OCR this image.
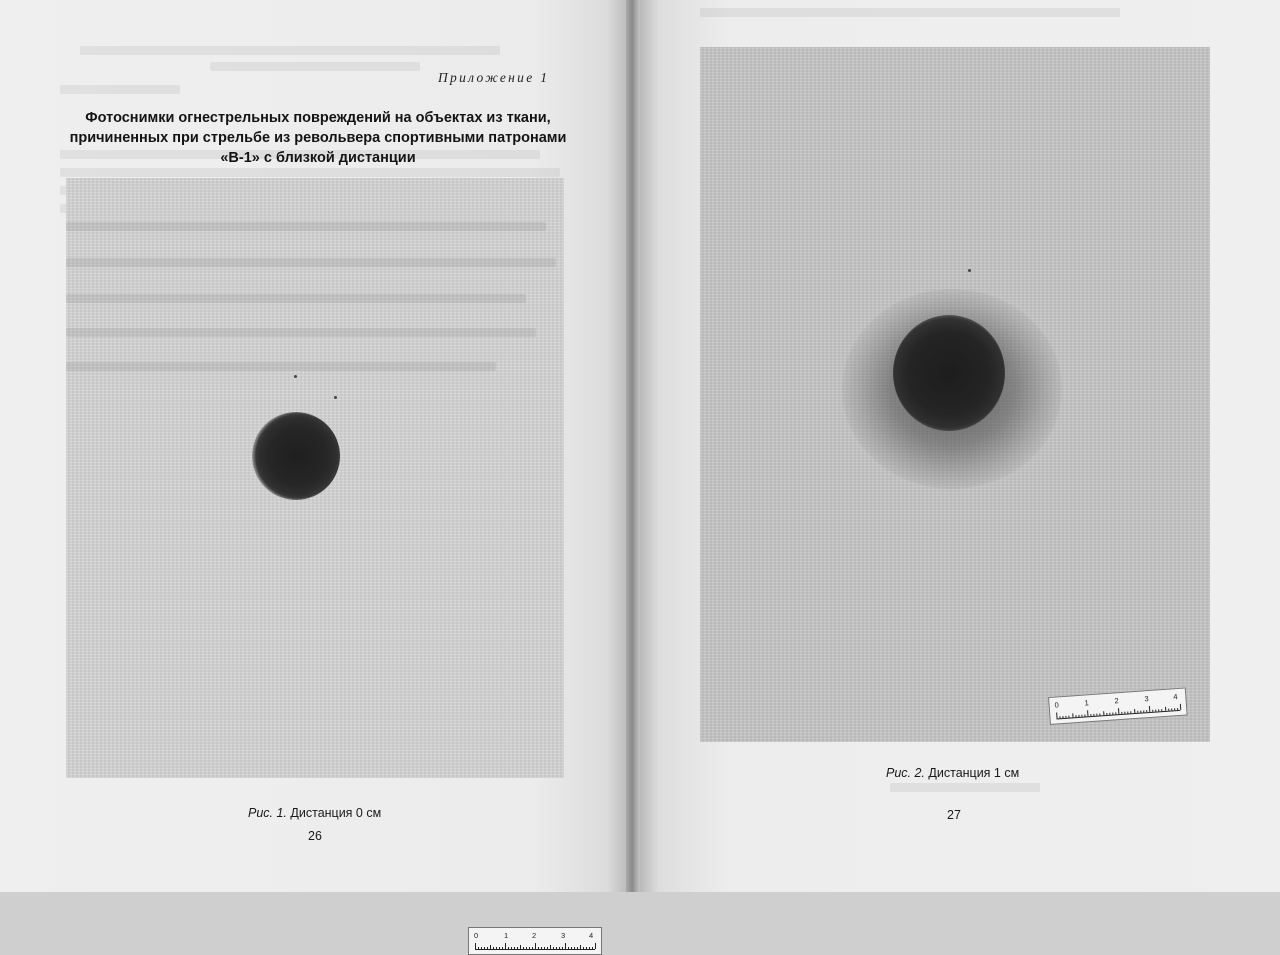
Приложение 1
Фотоснимки огнестрельных повреждений на объектах из ткани,
причиненных при стрельбе из револьвера спортивными патронами
«В-1» с близкой дистанции
0	1	2	3	4
Рис. 1. Дистанция 0 см
26
0	1	2	3	4
Рис. 2. Дистанция 1 см
27
